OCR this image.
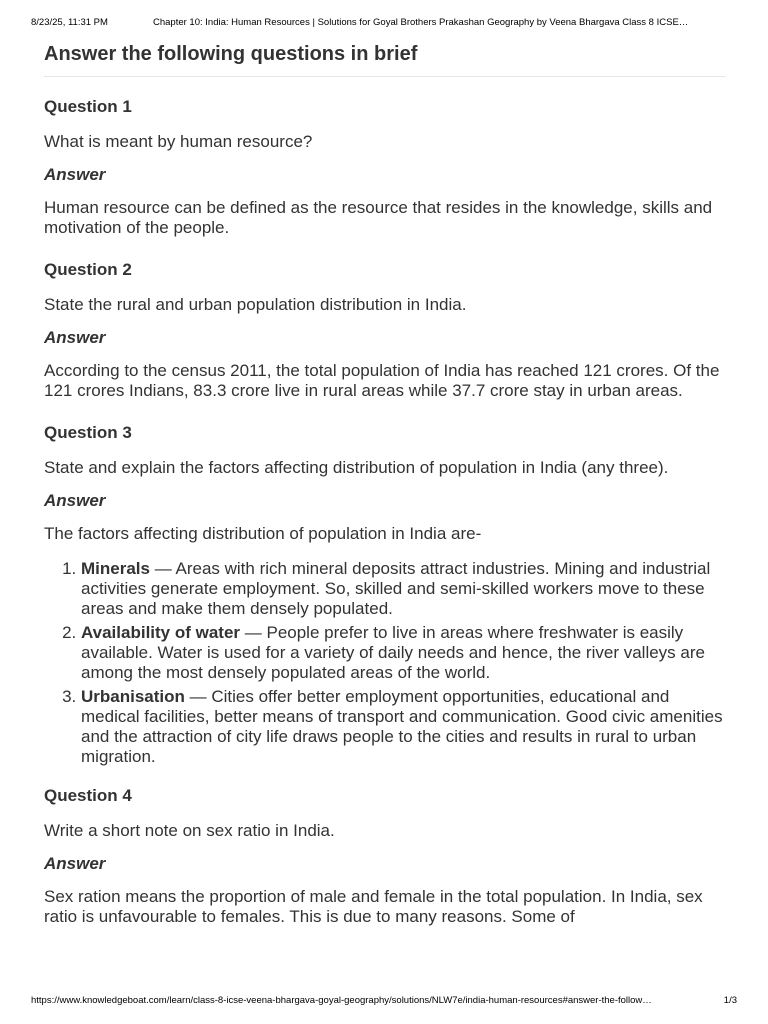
8/23/25, 11:31 PM	Chapter 10: India: Human Resources | Solutions for Goyal Brothers Prakashan Geography by Veena Bhargava Class 8 ICSE…
Answer the following questions in brief

Question 1

What is meant by human resource?

Answer

Human resource can be defined as the resource that resides in the knowledge, skills and motivation of the people.

Question 2

State the rural and urban population distribution in India.

Answer

According to the census 2011, the total population of India has reached 121 crores. Of the 121 crores Indians, 83.3 crore live in rural areas while 37.7 crore stay in urban areas.

Question 3

State and explain the factors affecting distribution of population in India (any three).

Answer

The factors affecting distribution of population in India are-

1. Minerals — Areas with rich mineral deposits attract industries. Mining and industrial activities generate employment. So, skilled and semi-skilled workers move to these areas and make them densely populated.
2. Availability of water — People prefer to live in areas where freshwater is easily available. Water is used for a variety of daily needs and hence, the river valleys are among the most densely populated areas of the world.
3. Urbanisation — Cities offer better employment opportunities, educational and medical facilities, better means of transport and communication. Good civic amenities and the attraction of city life draws people to the cities and results in rural to urban migration.

Question 4

Write a short note on sex ratio in India.

Answer

Sex ration means the proportion of male and female in the total population. In India, sex ratio is unfavourable to females. This is due to many reasons. Some of

https://www.knowledgeboat.com/learn/class-8-icse-veena-bhargava-goyal-geography/solutions/NLW7e/india-human-resources#answer-the-follow…	1/3
